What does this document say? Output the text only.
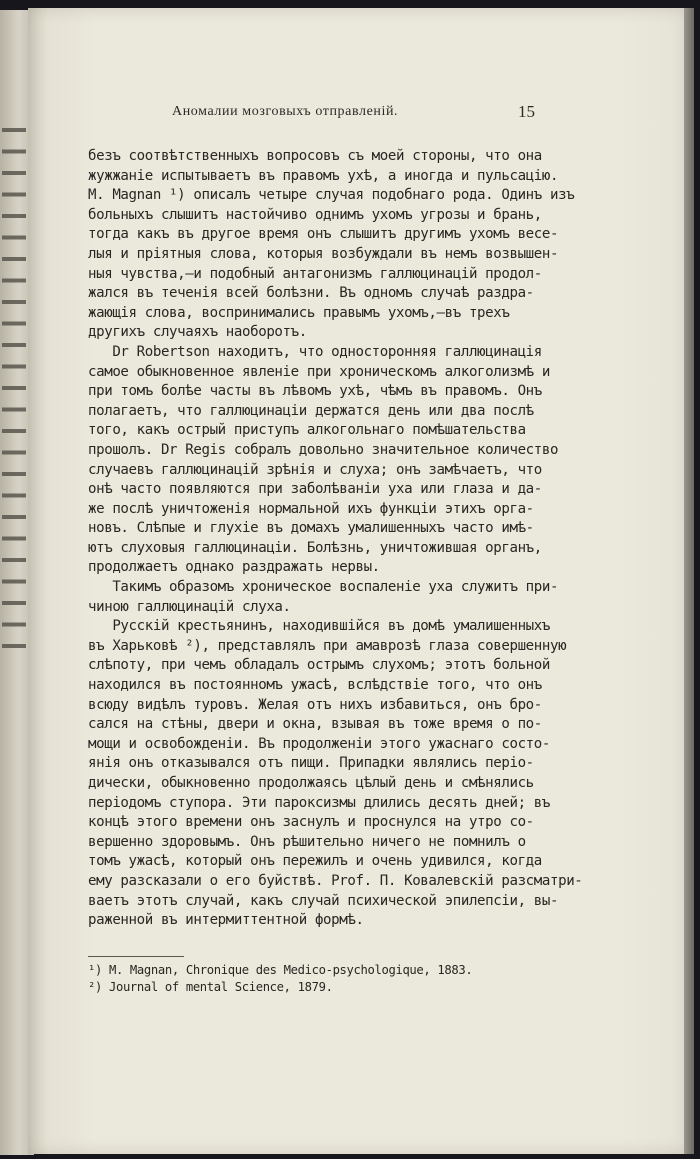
Аномалии мозговыхъ отправленій.	15
безъ соотвѣтственныхъ вопросовъ съ моей стороны, что она
жужжаніе испытываетъ въ правомъ ухѣ, а иногда и пульсацію.
М. Magnan ¹) описалъ четыре случая подобнаго рода. Одинъ изъ
больныхъ слышитъ настойчиво однимъ ухомъ угрозы и брань,
тогда какъ въ другое время онъ слышитъ другимъ ухомъ весе-
лыя и пріятныя слова, которыя возбуждали въ немъ возвышен-
ныя чувства,—и подобный антагонизмъ галлюцинацій продол-
жался въ теченія всей болѣзни. Въ одномъ случаѣ раздра-
жающія слова, воспринимались правымъ ухомъ,—въ трехъ
другихъ случаяхъ наоборотъ.
Dr Robertson находитъ, что односторонняя галлюцинація
самое обыкновенное явленіе при хроническомъ алкоголизмѣ и
при томъ болѣе часты въ лѣвомъ ухѣ, чѣмъ въ правомъ. Онъ
полагаетъ, что галлюцинаціи держатся день или два послѣ
того, какъ острый приступъ алкогольнаго помѣшательства
прошолъ. Dr Regis собралъ довольно значительное количество
случаевъ галлюцинацій зрѣнія и слуха; онъ замѣчаетъ, что
онѣ часто появляются при заболѣваніи уха или глаза и да-
же послѣ уничтоженія нормальной ихъ функціи этихъ орга-
новъ. Слѣпые и глухіе въ домахъ умалишенныхъ часто имѣ-
ютъ слуховыя галлюцинаціи. Болѣзнь, уничтожившая органъ,
продолжаетъ однако раздражать нервы.
Такимъ образомъ хроническое воспаленіе уха служитъ при-
чиною галлюцинацій слуха.
Русскій крестьянинъ, находившійся въ домѣ умалишенныхъ
въ Харьковѣ ²), представлялъ при амаврозѣ глаза совершенную
слѣпоту, при чемъ обладалъ острымъ слухомъ; этотъ больной
находился въ постоянномъ ужасѣ, вслѣдствіе того, что онъ
всюду видѣлъ туровъ. Желая отъ нихъ избавиться, онъ бро-
сался на стѣны, двери и окна, взывая въ тоже время о по-
мощи и освобожденіи. Въ продолженіи этого ужаснаго состо-
янія онъ отказывался отъ пищи. Припадки являлись періо-
дически, обыкновенно продолжаясь цѣлый день и смѣнялись
періодомъ ступора. Эти пароксизмы длились десять дней; въ
концѣ этого времени онъ заснулъ и проснулся на утро со-
вершенно здоровымъ. Онъ рѣшительно ничего не помнилъ о
томъ ужасѣ, который онъ пережилъ и очень удивился, когда
ему разсказали о его буйствѣ. Prof. П. Ковалевскій разсматри-
ваетъ этотъ случай, какъ случай психической эпилепсіи, вы-
раженной въ интермиттентной формѣ.
¹) M. Magnan, Chronique des Medico-psychologique, 1883.
²) Journal of mental Science, 1879.
